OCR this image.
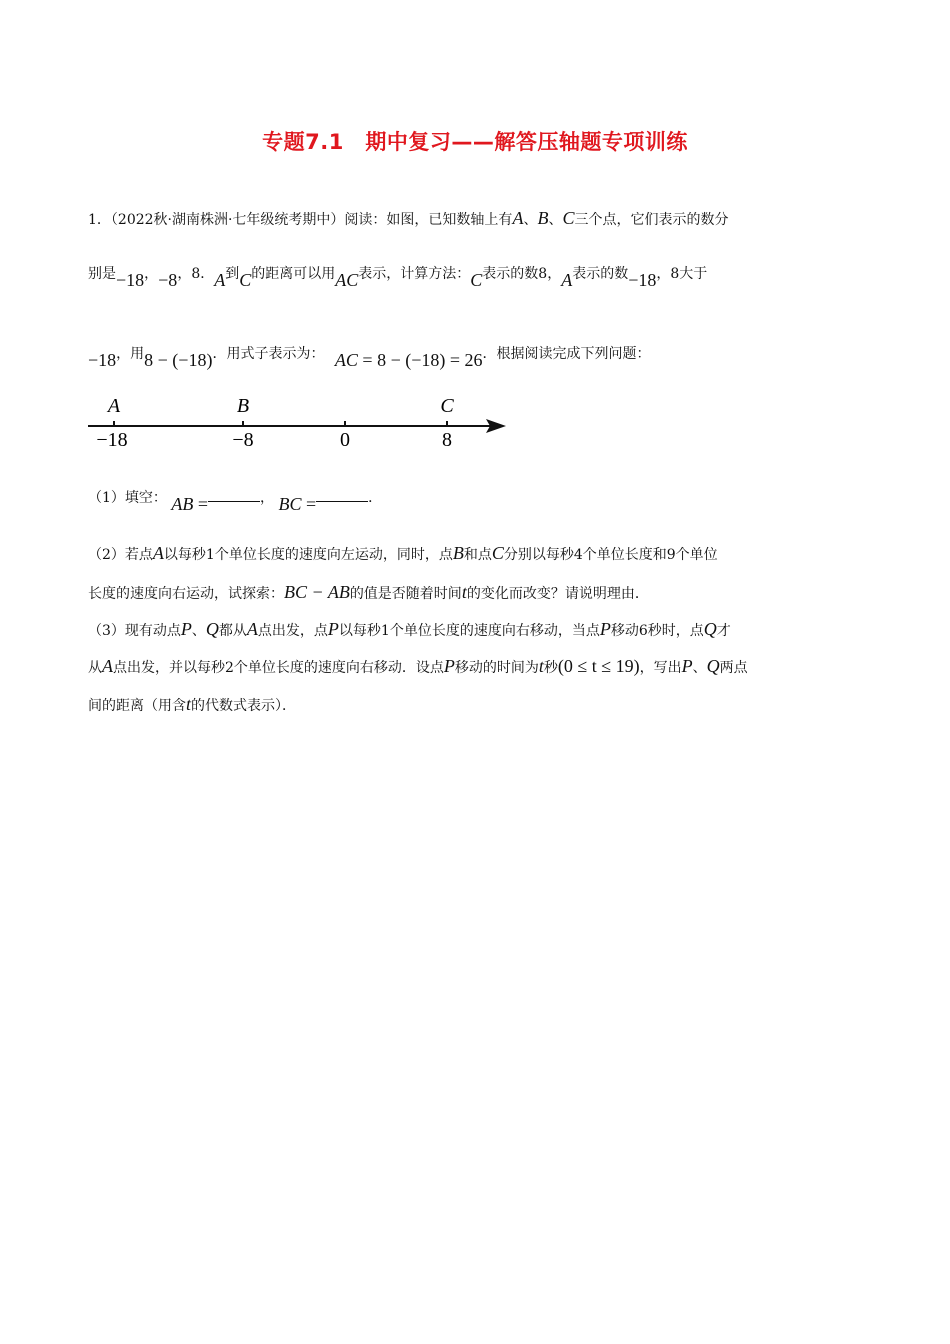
专题7.1　期中复习——解答压轴题专项训练
1．（2022秋·湖南株洲·七年级统考期中）阅读：如图，已知数轴上有A、B、C三个点，它们表示的数分
别是−18，−8，8．A到C的距离可以用AC表示，计算方法：C表示的数8，A表示的数−18，8大于
−18，用8 − (−18)．用式子表示为： AC = 8 − (−18) = 26．根据阅读完成下列问题：
A
−18
B
−8	0
C
8
（1）填空： AB =	， BC =	．
（2）若点A以每秒1个单位长度的速度向左运动，同时，点B和点C分别以每秒4个单位长度和9个单位
长度的速度向右运动，试探索：BC − AB的值是否随着时间t的变化而改变？请说明理由．
（3）现有动点P、Q都从A点出发，点P以每秒1个单位长度的速度向右移动，当点P移动6秒时，点Q才
从A点出发，并以每秒2个单位长度的速度向右移动．设点P移动的时间为t秒(0 ≤ t ≤ 19)，写出P、Q两点
间的距离（用含t的代数式表示）．
